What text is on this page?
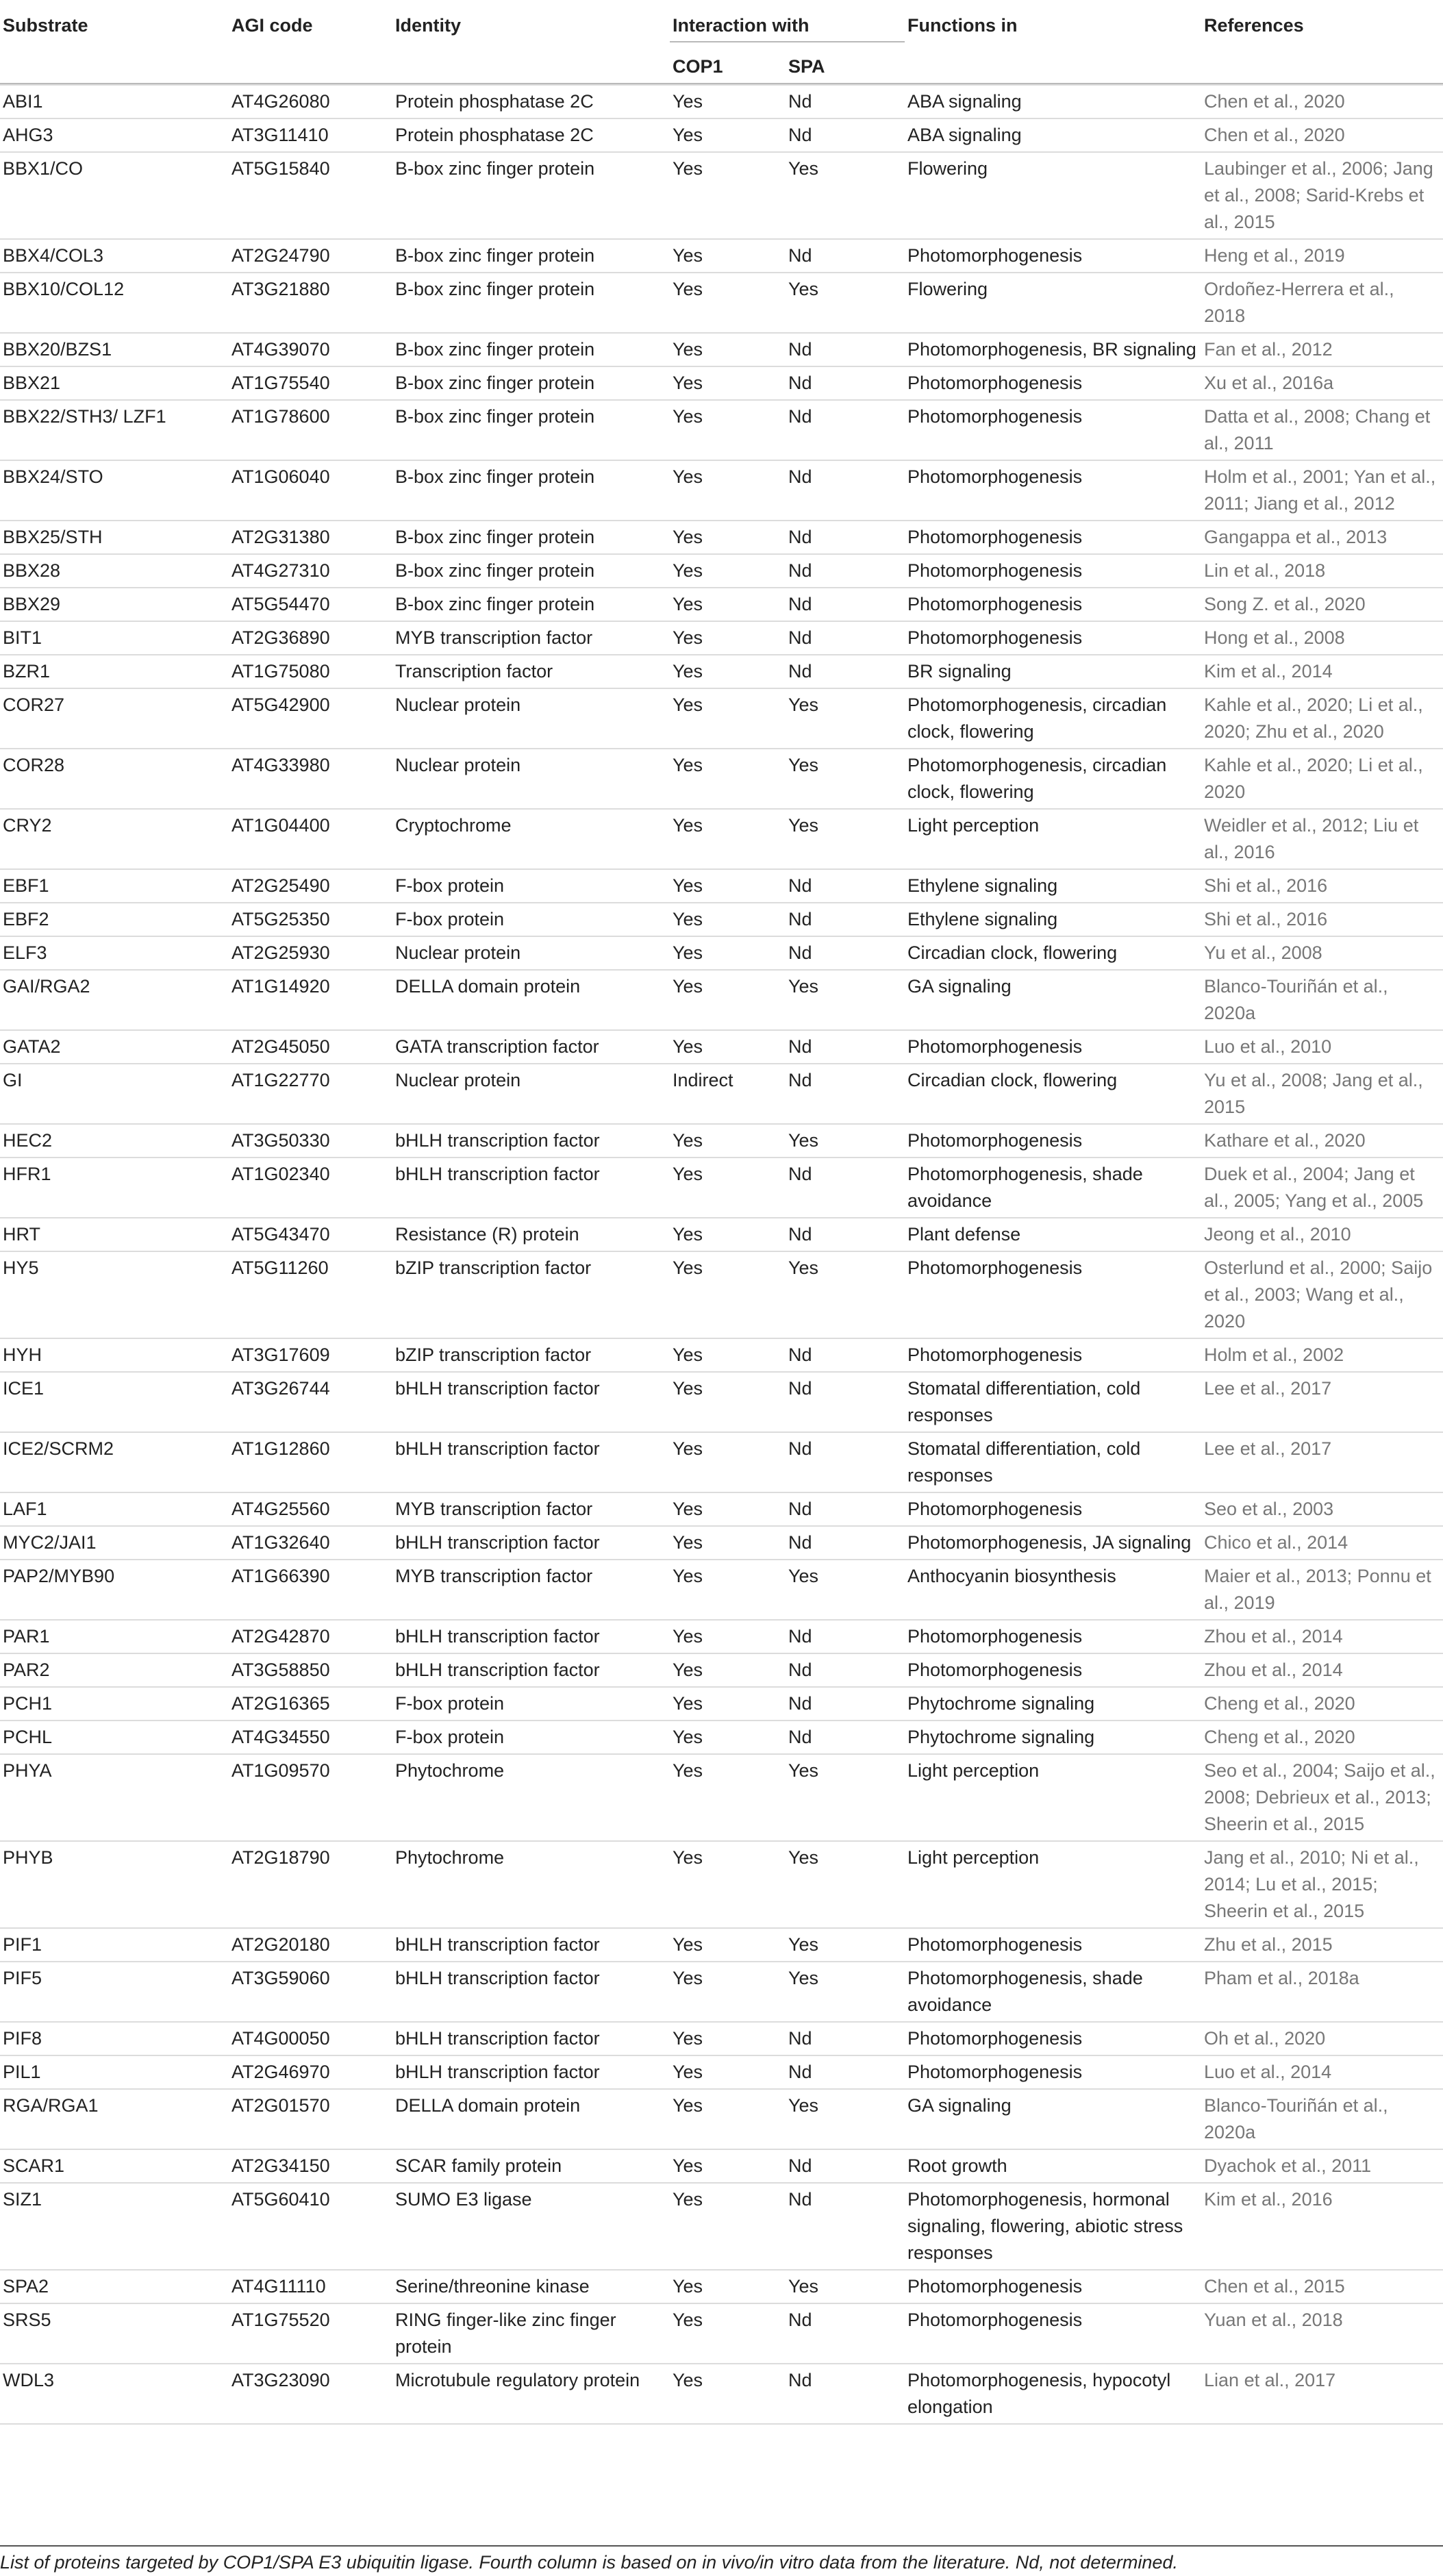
Substrate	AGI code	Identity	Interaction with		Functions in	References
			COP1	SPA		

ABI1	AT4G26080	Protein phosphatase 2C	Yes	Nd	ABA signaling	Chen et al., 2020
AHG3	AT3G11410	Protein phosphatase 2C	Yes	Nd	ABA signaling	Chen et al., 2020
BBX1/CO	AT5G15840	B-box zinc finger protein	Yes	Yes	Flowering	Laubinger et al., 2006; Jang et al., 2008; Sarid-Krebs et al., 2015
BBX4/COL3	AT2G24790	B-box zinc finger protein	Yes	Nd	Photomorphogenesis	Heng et al., 2019
BBX10/COL12	AT3G21880	B-box zinc finger protein	Yes	Yes	Flowering	Ordoñez-Herrera et al., 2018
BBX20/BZS1	AT4G39070	B-box zinc finger protein	Yes	Nd	Photomorphogenesis, BR signaling	Fan et al., 2012
BBX21	AT1G75540	B-box zinc finger protein	Yes	Nd	Photomorphogenesis	Xu et al., 2016a
BBX22/STH3/ LZF1	AT1G78600	B-box zinc finger protein	Yes	Nd	Photomorphogenesis	Datta et al., 2008; Chang et al., 2011
BBX24/STO	AT1G06040	B-box zinc finger protein	Yes	Nd	Photomorphogenesis	Holm et al., 2001; Yan et al., 2011; Jiang et al., 2012
BBX25/STH	AT2G31380	B-box zinc finger protein	Yes	Nd	Photomorphogenesis	Gangappa et al., 2013
BBX28	AT4G27310	B-box zinc finger protein	Yes	Nd	Photomorphogenesis	Lin et al., 2018
BBX29	AT5G54470	B-box zinc finger protein	Yes	Nd	Photomorphogenesis	Song Z. et al., 2020
BIT1	AT2G36890	MYB transcription factor	Yes	Nd	Photomorphogenesis	Hong et al., 2008
BZR1	AT1G75080	Transcription factor	Yes	Nd	BR signaling	Kim et al., 2014
COR27	AT5G42900	Nuclear protein	Yes	Yes	Photomorphogenesis, circadian clock, flowering	Kahle et al., 2020; Li et al., 2020; Zhu et al., 2020
COR28	AT4G33980	Nuclear protein	Yes	Yes	Photomorphogenesis, circadian clock, flowering	Kahle et al., 2020; Li et al., 2020
CRY2	AT1G04400	Cryptochrome	Yes	Yes	Light perception	Weidler et al., 2012; Liu et al., 2016
EBF1	AT2G25490	F-box protein	Yes	Nd	Ethylene signaling	Shi et al., 2016
EBF2	AT5G25350	F-box protein	Yes	Nd	Ethylene signaling	Shi et al., 2016
ELF3	AT2G25930	Nuclear protein	Yes	Nd	Circadian clock, flowering	Yu et al., 2008
GAI/RGA2	AT1G14920	DELLA domain protein	Yes	Yes	GA signaling	Blanco-Touriñán et al., 2020a
GATA2	AT2G45050	GATA transcription factor	Yes	Nd	Photomorphogenesis	Luo et al., 2010
GI	AT1G22770	Nuclear protein	Indirect	Nd	Circadian clock, flowering	Yu et al., 2008; Jang et al., 2015
HEC2	AT3G50330	bHLH transcription factor	Yes	Yes	Photomorphogenesis	Kathare et al., 2020
HFR1	AT1G02340	bHLH transcription factor	Yes	Nd	Photomorphogenesis, shade avoidance	Duek et al., 2004; Jang et al., 2005; Yang et al., 2005
HRT	AT5G43470	Resistance (R) protein	Yes	Nd	Plant defense	Jeong et al., 2010
HY5	AT5G11260	bZIP transcription factor	Yes	Yes	Photomorphogenesis	Osterlund et al., 2000; Saijo et al., 2003; Wang et al., 2020
HYH	AT3G17609	bZIP transcription factor	Yes	Nd	Photomorphogenesis	Holm et al., 2002
ICE1	AT3G26744	bHLH transcription factor	Yes	Nd	Stomatal differentiation, cold responses	Lee et al., 2017
ICE2/SCRM2	AT1G12860	bHLH transcription factor	Yes	Nd	Stomatal differentiation, cold responses	Lee et al., 2017
LAF1	AT4G25560	MYB transcription factor	Yes	Nd	Photomorphogenesis	Seo et al., 2003
MYC2/JAI1	AT1G32640	bHLH transcription factor	Yes	Nd	Photomorphogenesis, JA signaling	Chico et al., 2014
PAP2/MYB90	AT1G66390	MYB transcription factor	Yes	Yes	Anthocyanin biosynthesis	Maier et al., 2013; Ponnu et al., 2019
PAR1	AT2G42870	bHLH transcription factor	Yes	Nd	Photomorphogenesis	Zhou et al., 2014
PAR2	AT3G58850	bHLH transcription factor	Yes	Nd	Photomorphogenesis	Zhou et al., 2014
PCH1	AT2G16365	F-box protein	Yes	Nd	Phytochrome signaling	Cheng et al., 2020
PCHL	AT4G34550	F-box protein	Yes	Nd	Phytochrome signaling	Cheng et al., 2020
PHYA	AT1G09570	Phytochrome	Yes	Yes	Light perception	Seo et al., 2004; Saijo et al., 2008; Debrieux et al., 2013; Sheerin et al., 2015
PHYB	AT2G18790	Phytochrome	Yes	Yes	Light perception	Jang et al., 2010; Ni et al., 2014; Lu et al., 2015; Sheerin et al., 2015
PIF1	AT2G20180	bHLH transcription factor	Yes	Yes	Photomorphogenesis	Zhu et al., 2015
PIF5	AT3G59060	bHLH transcription factor	Yes	Yes	Photomorphogenesis, shade avoidance	Pham et al., 2018a
PIF8	AT4G00050	bHLH transcription factor	Yes	Nd	Photomorphogenesis	Oh et al., 2020
PIL1	AT2G46970	bHLH transcription factor	Yes	Nd	Photomorphogenesis	Luo et al., 2014
RGA/RGA1	AT2G01570	DELLA domain protein	Yes	Yes	GA signaling	Blanco-Touriñán et al., 2020a
SCAR1	AT2G34150	SCAR family protein	Yes	Nd	Root growth	Dyachok et al., 2011
SIZ1	AT5G60410	SUMO E3 ligase	Yes	Nd	Photomorphogenesis, hormonal signaling, flowering, abiotic stress responses	Kim et al., 2016
SPA2	AT4G11110	Serine/threonine kinase	Yes	Yes	Photomorphogenesis	Chen et al., 2015
SRS5	AT1G75520	RING finger-like zinc finger protein	Yes	Nd	Photomorphogenesis	Yuan et al., 2018
WDL3	AT3G23090	Microtubule regulatory protein	Yes	Nd	Photomorphogenesis, hypocotyl elongation	Lian et al., 2017
List of proteins targeted by COP1/SPA E3 ubiquitin ligase. Fourth column is based on in vivo/in vitro data from the literature. Nd, not determined.
